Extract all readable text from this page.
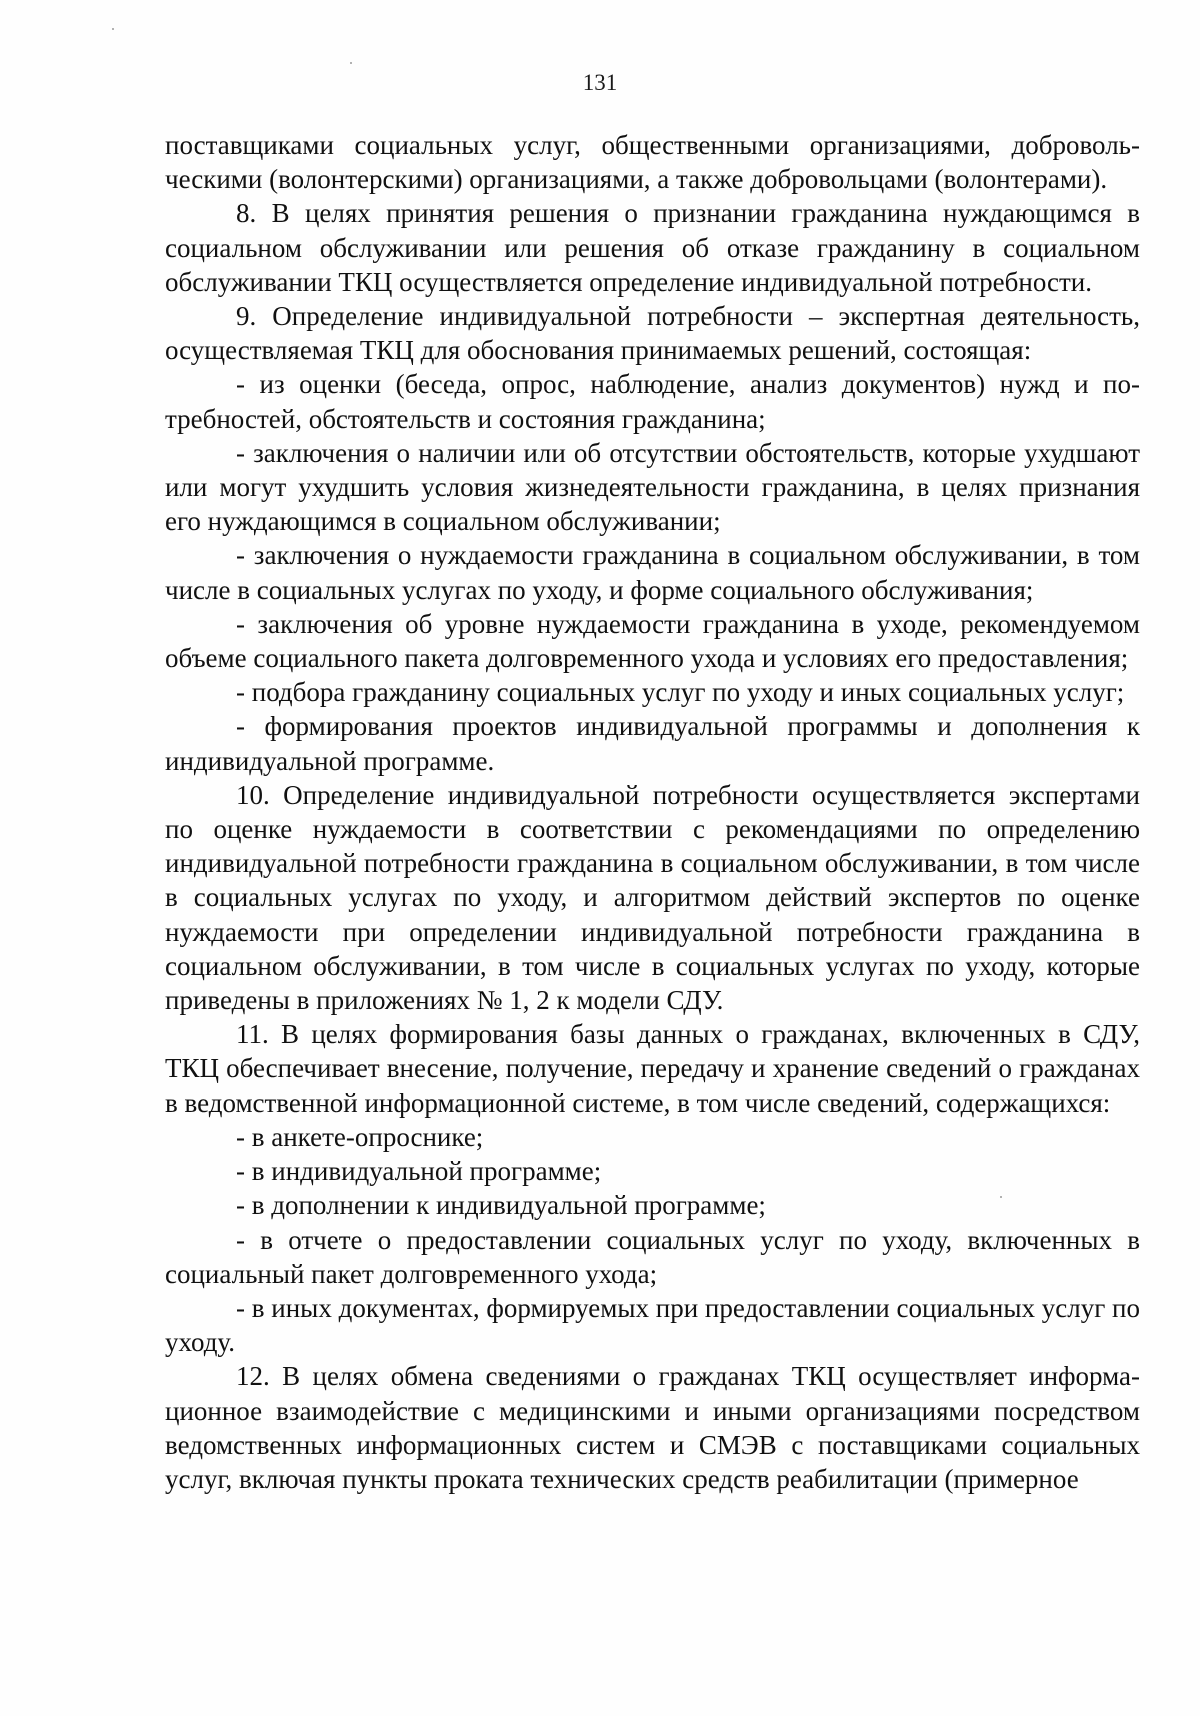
131

поставщиками социальных услуг, общественными организациями, добровольческими (волонтерскими) организациями, а также добровольцами (волонтерами).

8. В целях принятия решения о признании гражданина нуждающимся в социальном обслуживании или решения об отказе гражданину в социальном обслуживании ТКЦ осуществляется определение индивидуальной потребности.

9. Определение индивидуальной потребности – экспертная деятельность, осуществляемая ТКЦ для обоснования принимаемых решений, состоящая:

- из оценки (беседа, опрос, наблюдение, анализ документов) нужд и потребностей, обстоятельств и состояния гражданина;

- заключения о наличии или об отсутствии обстоятельств, которые ухудшают или могут ухудшить условия жизнедеятельности гражданина, в целях признания его нуждающимся в социальном обслуживании;

- заключения о нуждаемости гражданина в социальном обслуживании, в том числе в социальных услугах по уходу, и форме социального обслуживания;

- заключения об уровне нуждаемости гражданина в уходе, рекомендуемом объеме социального пакета долговременного ухода и условиях его предоставления;

- подбора гражданину социальных услуг по уходу и иных социальных услуг;

- формирования проектов индивидуальной программы и дополнения к индивидуальной программе.

10. Определение индивидуальной потребности осуществляется экспертами по оценке нуждаемости в соответствии с рекомендациями по определению индивидуальной потребности гражданина в социальном обслуживании, в том числе в социальных услугах по уходу, и алгоритмом действий экспертов по оценке нуждаемости при определении индивидуальной потребности гражданина в социальном обслуживании, в том числе в социальных услугах по уходу, которые приведены в приложениях № 1, 2 к модели СДУ.

11. В целях формирования базы данных о гражданах, включенных в СДУ, ТКЦ обеспечивает внесение, получение, передачу и хранение сведений о гражданах в ведомственной информационной системе, в том числе сведений, содержащихся:

- в анкете-опроснике;

- в индивидуальной программе;

- в дополнении к индивидуальной программе;

- в отчете о предоставлении социальных услуг по уходу, включенных в социальный пакет долговременного ухода;

- в иных документах, формируемых при предоставлении социальных услуг по уходу.

12. В целях обмена сведениями о гражданах ТКЦ осуществляет информационное взаимодействие с медицинскими и иными организациями посредством ведомственных информационных систем и СМЭВ с поставщиками социальных услуг, включая пункты проката технических средств реабилитации (примерное
